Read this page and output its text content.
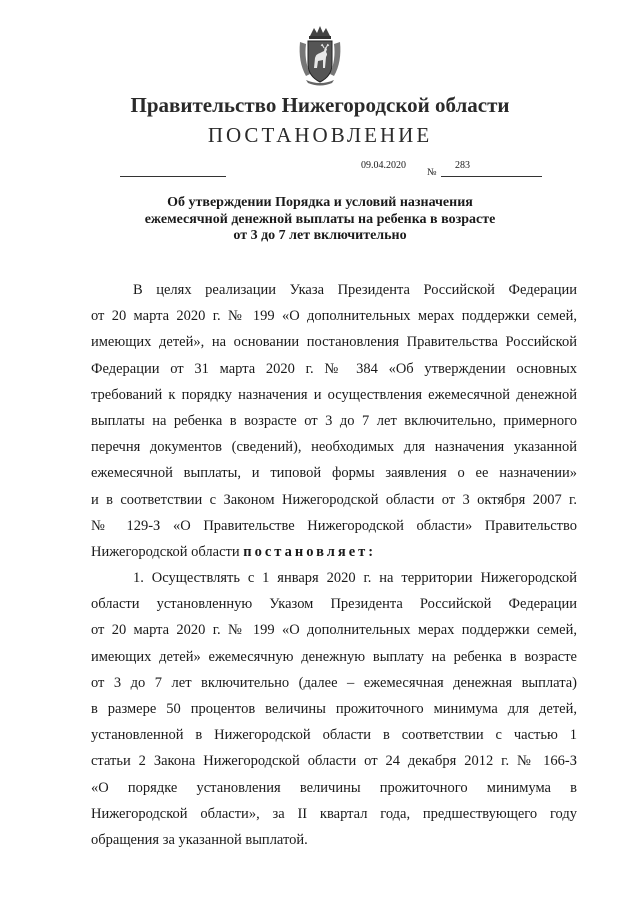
Правительство Нижегородской области
ПОСТАНОВЛЕНИЕ
09.04.2020
№
283
Об утверждении Порядка и условий назначения
ежемесячной денежной выплаты на ребенка в возрасте
от 3 до 7 лет включительно
В целях реализации Указа Президента Российской Федерации
от 20 марта 2020 г. № 199 «О дополнительных мерах поддержки семей,
имеющих детей», на основании постановления Правительства Российской
Федерации от 31 марта 2020 г. № 384 «Об утверждении основных
требований к порядку назначения и осуществления ежемесячной денежной
выплаты на ребенка в возрасте от 3 до 7 лет включительно, примерного
перечня документов (сведений), необходимых для назначения указанной
ежемесячной выплаты, и типовой формы заявления о ее назначении»
и в соответствии с Законом Нижегородской области от 3 октября 2007 г.
№ 129-З «О Правительстве Нижегородской области» Правительство
Нижегородской области постановляет:
1. Осуществлять с 1 января 2020 г. на территории Нижегородской
области установленную Указом Президента Российской Федерации
от 20 марта 2020 г. № 199 «О дополнительных мерах поддержки семей,
имеющих детей» ежемесячную денежную выплату на ребенка в возрасте
от 3 до 7 лет включительно (далее – ежемесячная денежная выплата)
в размере 50 процентов величины прожиточного минимума для детей,
установленной в Нижегородской области в соответствии с частью 1
статьи 2 Закона Нижегородской области от 24 декабря 2012 г. № 166-З
«О порядке установления величины прожиточного минимума в
Нижегородской области», за II квартал года, предшествующего году
обращения за указанной выплатой.
